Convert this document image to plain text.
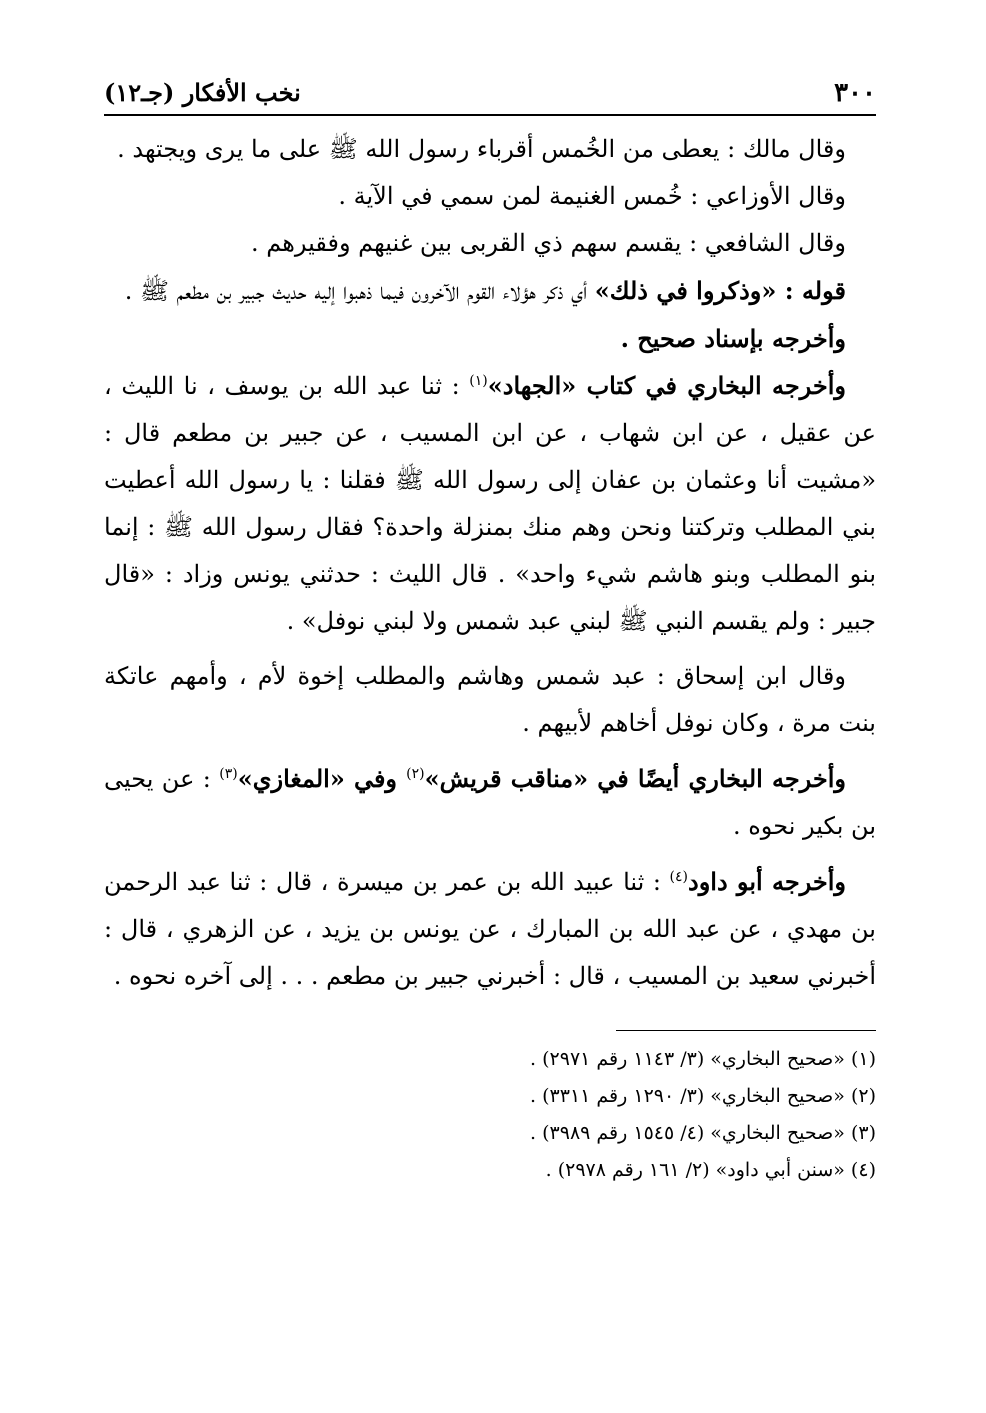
٣٠٠
نخب الأفكار (جـ١٢)

وقال مالك : يعطى من الخُمس أقرباء رسول الله ﷺ على ما يرى ويجتهد .

وقال الأوزاعي : خُمس الغنيمة لمن سمي في الآية .

وقال الشافعي : يقسم سهم ذي القربى بين غنيهم وفقيرهم .

قوله : «وذكروا في ذلك» أي ذكر هؤلاء القوم الآخرون فيما ذهبوا إليه حديث جبير بن مطعم ﷺ .

وأخرجه بإسناد صحيح .

وأخرجه البخاري في كتاب «الجهاد»$^{(١)}$ : ثنا عبد الله بن يوسف ، نا الليث ، عن عقيل ، عن ابن شهاب ، عن ابن المسيب ، عن جبير بن مطعم قال : «مشيت أنا وعثمان بن عفان إلى رسول الله ﷺ فقلنا : يا رسول الله أعطيت بني المطلب وتركتنا ونحن وهم منك بمنزلة واحدة؟ فقال رسول الله ﷺ : إنما بنو المطلب وبنو هاشم شيء واحد» . قال الليث : حدثني يونس وزاد : «قال جبير : ولم يقسم النبي ﷺ لبني عبد شمس ولا لبني نوفل» .

وقال ابن إسحاق : عبد شمس وهاشم والمطلب إخوة لأم ، وأمهم عاتكة بنت مرة ، وكان نوفل أخاهم لأبيهم .

وأخرجه البخاري أيضًا في «مناقب قريش»$^{(٢)}$ وفي «المغازي»$^{(٣)}$ : عن يحيى بن بكير نحوه .

وأخرجه أبو داود$^{(٤)}$ : ثنا عبيد الله بن عمر بن ميسرة ، قال : ثنا عبد الرحمن بن مهدي ، عن عبد الله بن المبارك ، عن يونس بن يزيد ، عن الزهري ، قال : أخبرني سعيد بن المسيب ، قال : أخبرني جبير بن مطعم . . . إلى آخره نحوه .

(١) «صحيح البخاري» (٣/ ١١٤٣ رقم ٢٩٧١) .
(٢) «صحيح البخاري» (٣/ ١٢٩٠ رقم ٣٣١١) .
(٣) «صحيح البخاري» (٤/ ١٥٤٥ رقم ٣٩٨٩) .
(٤) «سنن أبي داود» (٢/ ١٦١ رقم ٢٩٧٨) .
